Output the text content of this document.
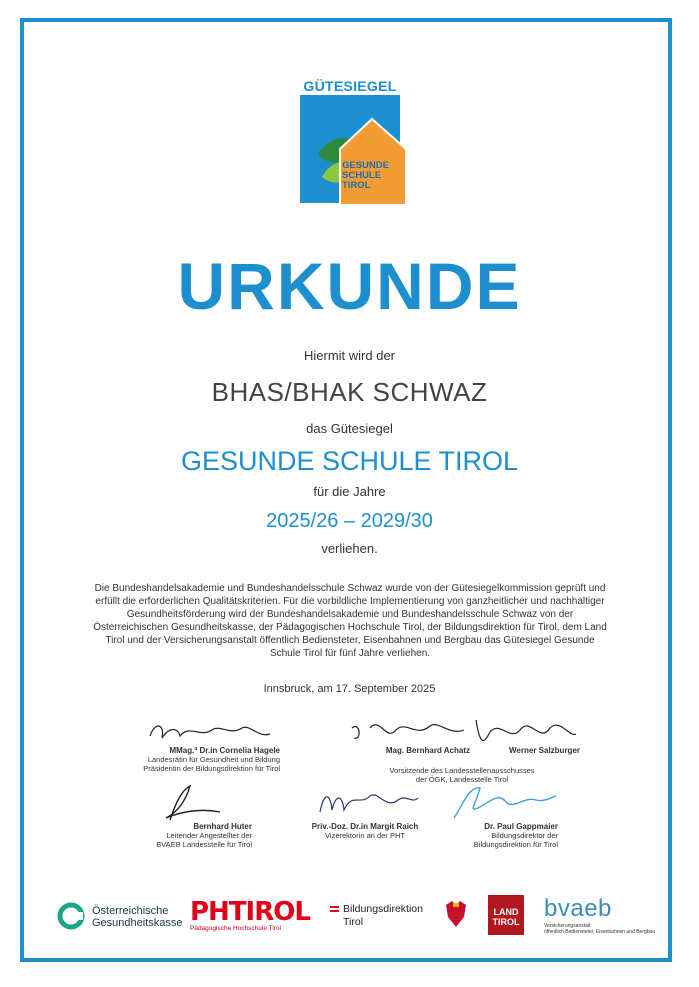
GÜTESIEGEL
GESUNDE
SCHULE
TIROL
URKUNDE
Hiermit wird der
BHAS/BHAK SCHWAZ
das Gütesiegel
GESUNDE SCHULE TIROL
für die Jahre
2025/26 – 2029/30
verliehen.
Die Bundeshandelsakademie und Bundeshandelsschule Schwaz wurde von der Gütesiegelkommission geprüft und erfüllt die erforderlichen Qualitätskriterien. Für die vorbildliche Implementierung von ganzheitlicher und nachhaltiger Gesundheitsförderung wird der Bundeshandelsakademie und Bundeshandelsschule Schwaz von der Österreichischen Gesundheitskasse, der Pädagogischen Hochschule Tirol, der Bildungsdirektion für Tirol, dem Land Tirol und der Versicherungsanstalt öffentlich Bediensteter, Eisenbahnen und Bergbau das Gütesiegel Gesunde Schule Tirol für fünf Jahre verliehen.
Innsbruck, am 17. September 2025
MMag.ª Dr.in Cornelia Hagele
Landesrätin für Gesundheit und Bildung
Präsidentin der Bildungsdirektion für Tirol
Mag. Bernhard Achatz	Werner Salzburger
Vorsitzende des Landesstellenausschusses
der ÖGK, Landesstelle Tirol
Bernhard Huter
Leitender Angestellter der
BVAEB Landesstelle für Tirol
Priv.-Doz. Dr.in Margit Raich
Vizerektorin an der PHT
Dr. Paul Gappmaier
Bildungsdirektor der
Bildungsdirektion für Tirol
Österreichische
Gesundheitskasse PHTIROL
Pädagogische Hochschule Tirol
Bildungsdirektion
Tirol
LAND
TIROL bvaeb
Versicherungsanstalt
öffentlich Bediensteter, Eisenbahnen und Bergbau
